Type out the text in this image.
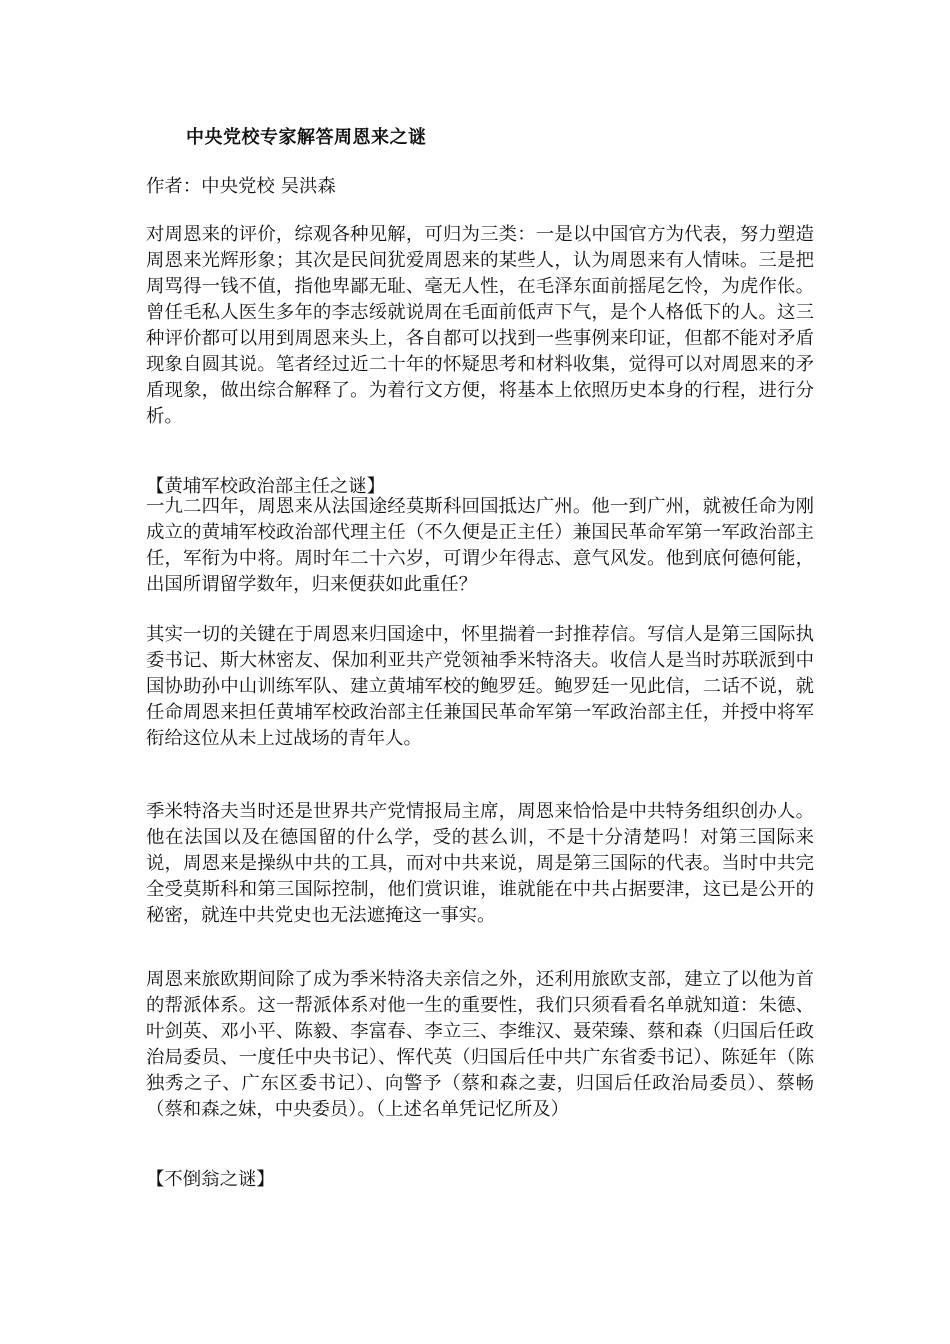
中央党校专家解答周恩来之谜

作者：中央党校 吴洪森

对周恩来的评价，综观各种见解，可归为三类：一是以中国官方为代表，努力塑造周恩来光辉形象；其次是民间犹爱周恩来的某些人，认为周恩来有人情味。三是把周骂得一钱不值，指他卑鄙无耻、毫无人性，在毛泽东面前摇尾乞怜，为虎作伥。曾任毛私人医生多年的李志绥就说周在毛面前低声下气，是个人格低下的人。这三种评价都可以用到周恩来头上，各自都可以找到一些事例来印证，但都不能对矛盾现象自圆其说。笔者经过近二十年的怀疑思考和材料收集，觉得可以对周恩来的矛盾现象，做出综合解释了。为着行文方便，将基本上依照历史本身的行程，进行分析。

【黄埔军校政治部主任之谜】

一九二四年，周恩来从法国途经莫斯科回国抵达广州。他一到广州，就被任命为刚成立的黄埔军校政治部代理主任（不久便是正主任）兼国民革命军第一军政治部主任，军衔为中将。周时年二十六岁，可谓少年得志、意气风发。他到底何德何能，出国所谓留学数年，归来便获如此重任？

其实一切的关键在于周恩来归国途中，怀里揣着一封推荐信。写信人是第三国际执委书记、斯大林密友、保加利亚共产党领袖季米特洛夫。收信人是当时苏联派到中国协助孙中山训练军队、建立黄埔军校的鲍罗廷。鲍罗廷一见此信，二话不说，就任命周恩来担任黄埔军校政治部主任兼国民革命军第一军政治部主任，并授中将军衔给这位从未上过战场的青年人。

季米特洛夫当时还是世界共产党情报局主席，周恩来恰恰是中共特务组织创办人。他在法国以及在德国留的什么学，受的甚么训，不是十分清楚吗！对第三国际来说，周恩来是操纵中共的工具，而对中共来说，周是第三国际的代表。当时中共完全受莫斯科和第三国际控制，他们赏识谁，谁就能在中共占据要津，这已是公开的秘密，就连中共党史也无法遮掩这一事实。

周恩来旅欧期间除了成为季米特洛夫亲信之外，还利用旅欧支部，建立了以他为首的帮派体系。这一帮派体系对他一生的重要性，我们只须看看名单就知道：朱德、叶剑英、邓小平、陈毅、李富春、李立三、李维汉、聂荣臻、蔡和森（归国后任政治局委员、一度任中央书记）、恽代英（归国后任中共广东省委书记）、陈延年（陈独秀之子、广东区委书记）、向警予（蔡和森之妻，归国后任政治局委员）、蔡畅（蔡和森之妹，中央委员）。（上述名单凭记忆所及）

【不倒翁之谜】
